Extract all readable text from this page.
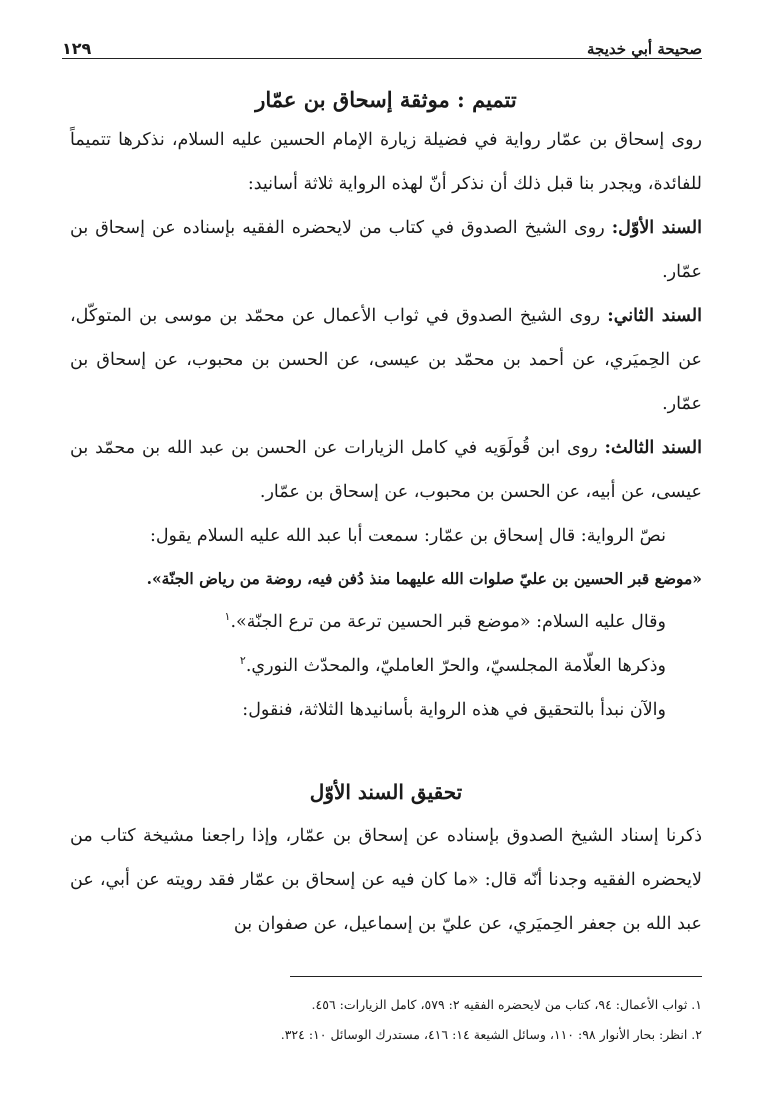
صحيحة أبي خديجة
١٢٩
تتميم : موثقة إسحاق بن عمّار

روى إسحاق بن عمّار رواية في فضيلة زيارة الإمام الحسين عليه السلام، نذكرها تتميماً للفائدة، ويجدر بنا قبل ذلك أن نذكر أنّ لهذه الرواية ثلاثة أسانيد:

السند الأوّل: روى الشيخ الصدوق في كتاب من لايحضره الفقيه بإسناده عن إسحاق بن عمّار.

السند الثاني: روى الشيخ الصدوق في ثواب الأعمال عن محمّد بن موسى بن المتوكّل، عن الحِميَري، عن أحمد بن محمّد بن عيسى، عن الحسن بن محبوب، عن إسحاق بن عمّار.

السند الثالث: روى ابن قُولَوَيه في كامل الزيارات عن الحسن بن عبد الله بن محمّد بن عيسى، عن أبيه، عن الحسن بن محبوب، عن إسحاق بن عمّار.

نصّ الرواية: قال إسحاق بن عمّار: سمعت أبا عبد الله عليه السلام يقول:

«موضع قبر الحسين بن عليّ صلوات الله عليهما منذ دُفن فيه، روضة من رياض الجنّة».

وقال عليه السلام: «موضع قبر الحسين ترعة من ترع الجنّة».$^١$

وذكرها العلّامة المجلسيّ، والحرّ العامليّ، والمحدّث النوري.$^٢$

والآن نبدأ بالتحقيق في هذه الرواية بأسانيدها الثلاثة، فنقول:

تحقيق السند الأوّل

ذكرنا إسناد الشيخ الصدوق بإسناده عن إسحاق بن عمّار، وإذا راجعنا مشيخة كتاب من لايحضره الفقيه وجدنا أنّه قال: «ما كان فيه عن إسحاق بن عمّار فقد رويته عن أبي، عن عبد الله بن جعفر الحِميَري، عن عليّ بن إسماعيل، عن صفوان بن

١. ثواب الأعمال: ٩٤، كتاب من لايحضره الفقيه ٢: ٥٧٩، كامل الزيارات: ٤٥٦.

٢. انظر: بحار الأنوار ٩٨: ١١٠، وسائل الشيعة ١٤: ٤١٦، مستدرك الوسائل ١٠: ٣٢٤.
